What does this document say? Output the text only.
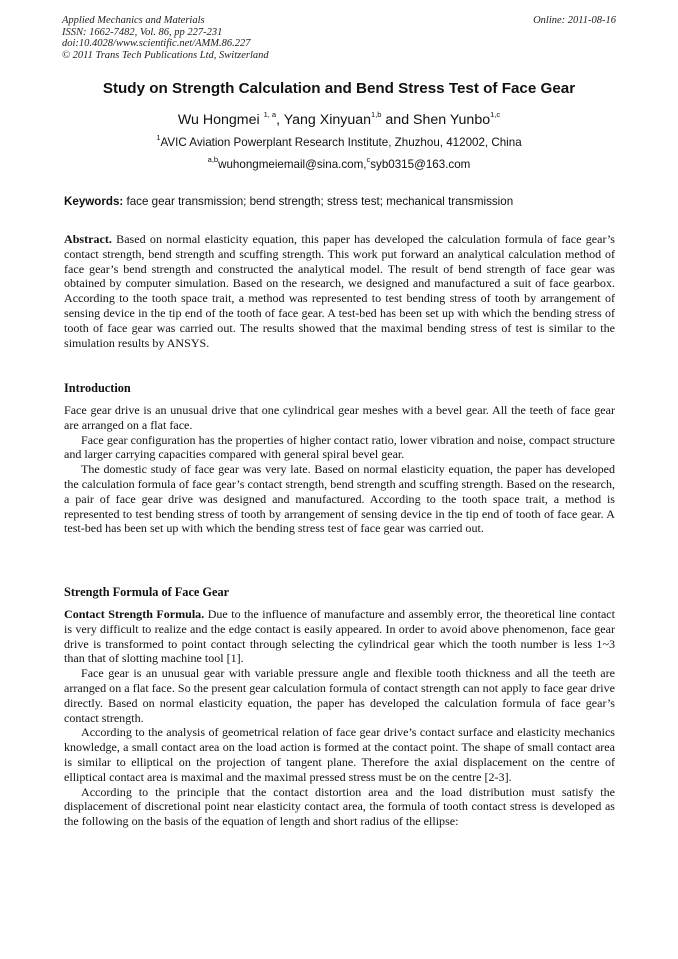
Applied Mechanics and Materials
ISSN: 1662-7482, Vol. 86, pp 227-231
doi:10.4028/www.scientific.net/AMM.86.227
© 2011 Trans Tech Publications Ltd, Switzerland
Online: 2011-08-16
Study on Strength Calculation and Bend Stress Test of Face Gear
Wu Hongmei $^{1, a}$, Yang Xinyuan$^{1,b}$ and Shen Yunbo$^{1,c}$
$^1$AVIC Aviation Powerplant Research Institute, Zhuzhou, 412002, China
$^{a,b}$wuhongmeiemail@sina.com,$^c$syb0315@163.com
Keywords: face gear transmission; bend strength; stress test; mechanical transmission

Abstract. Based on normal elasticity equation, this paper has developed the calculation formula of face gear’s contact strength, bend strength and scuffing strength. This work put forward an analytical calculation method of face gear’s bend strength and constructed the analytical model. The result of bend strength of face gear was obtained by computer simulation. Based on the research, we designed and manufactured a suit of face gearbox. According to the tooth space trait, a method was represented to test bending stress of tooth by arrangement of sensing device in the tip end of the tooth of face gear. A test-bed has been set up with which the bending stress of tooth of face gear was carried out. The results showed that the maximal bending stress of test is similar to the simulation results by ANSYS.

Introduction

Face gear drive is an unusual drive that one cylindrical gear meshes with a bevel gear. All the teeth of face gear are arranged on a flat face.

Face gear configuration has the properties of higher contact ratio, lower vibration and noise, compact structure and larger carrying capacities compared with general spiral bevel gear.

The domestic study of face gear was very late. Based on normal elasticity equation, the paper has developed the calculation formula of face gear’s contact strength, bend strength and scuffing strength. Based on the research, a pair of face gear drive was designed and manufactured. According to the tooth space trait, a method is represented to test bending stress of tooth by arrangement of sensing device in the tip end of tooth of face gear. A test-bed has been set up with which the bending stress test of face gear was carried out.

Strength Formula of Face Gear

Contact Strength Formula. Due to the influence of manufacture and assembly error, the theoretical line contact is very difficult to realize and the edge contact is easily appeared. In order to avoid above phenomenon, face gear drive is transformed to point contact through selecting the cylindrical gear which the tooth number is less 1~3 than that of slotting machine tool [1].

Face gear is an unusual gear with variable pressure angle and flexible tooth thickness and all the teeth are arranged on a flat face. So the present gear calculation formula of contact strength can not apply to face gear drive directly. Based on normal elasticity equation, the paper has developed the calculation formula of face gear’s contact strength.

According to the analysis of geometrical relation of face gear drive’s contact surface and elasticity mechanics knowledge, a small contact area on the load action is formed at the contact point. The shape of small contact area is similar to elliptical on the projection of tangent plane. Therefore the axial displacement on the centre of elliptical contact area is maximal and the maximal pressed stress must be on the centre [2-3].

According to the principle that the contact distortion area and the load distribution must satisfy the displacement of discretional point near elasticity contact area, the formula of tooth contact stress is developed as the following on the basis of the equation of length and short radius of the ellipse:
